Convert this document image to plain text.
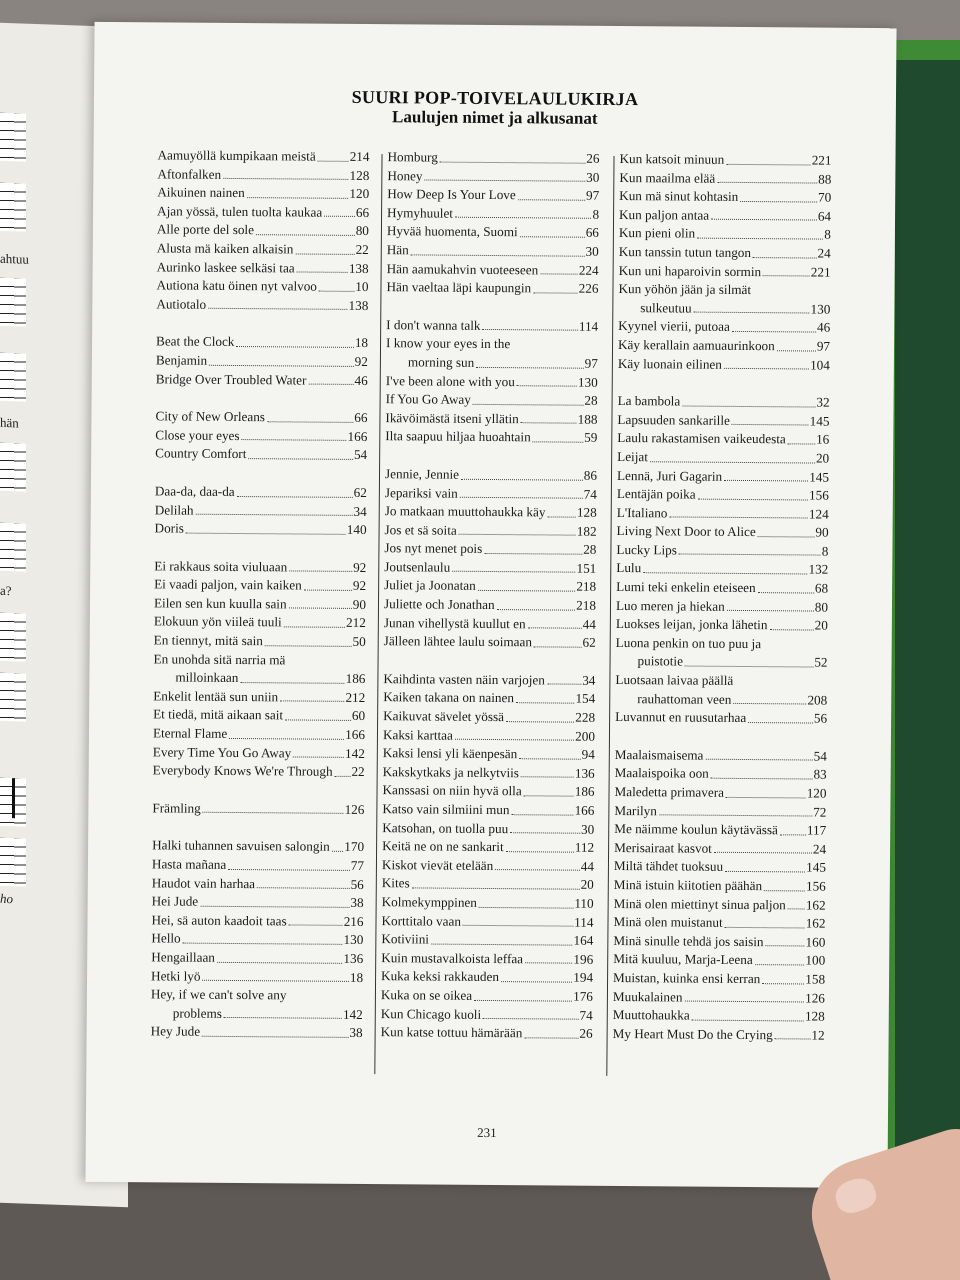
ahtuu
hän
a?
ho
SUURI POP-TOIVELAULUKIRJA
Laulujen nimet ja alkusanat
Aamuyöllä kumpikaan meistä	214
Aftonfalken	128
Aikuinen nainen	120
Ajan yössä, tulen tuolta kaukaa	66
Alle porte del sole	80
Alusta mä kaiken alkaisin	22
Aurinko laskee selkäsi taa	138
Autiona katu öinen nyt valvoo	10
Autiotalo	138
Beat the Clock	18
Benjamin	92
Bridge Over Troubled Water	46
City of New Orleans	66
Close your eyes	166
Country Comfort	54
Daa-da, daa-da	62
Delilah	34
Doris	140
Ei rakkaus soita viuluaan	92
Ei vaadi paljon, vain kaiken	92
Eilen sen kun kuulla sain	90
Elokuun yön viileä tuuli	212
En tiennyt, mitä sain	50
En unohda sitä narria mä
milloinkaan	186
Enkelit lentää sun uniin	212
Et tiedä, mitä aikaan sait	60
Eternal Flame	166
Every Time You Go Away	142
Everybody Knows We're Through 22
Främling	126
Halki tuhannen savuisen salongin 170
Hasta mañana	77
Haudot vain harhaa	56
Hei Jude	38
Hei, sä auton kaadoit taas	216
Hello	130
Hengaillaan	136
Hetki lyö	18
Hey, if we can't solve any
problems	142
Hey Jude	38
Homburg	26
Honey	30
How Deep Is Your Love	97
Hymyhuulet	8
Hyvää huomenta, Suomi	66
Hän	30
Hän aamukahvin vuoteeseen	224
Hän vaeltaa läpi kaupungin	226
I don't wanna talk	114
I know your eyes in the
morning sun	97
I've been alone with you	130
If You Go Away	28
Ikävöimästä itseni yllätin	188
Ilta saapuu hiljaa huoahtain	59
Jennie, Jennie	86
Jepariksi vain	74
Jo matkaan muuttohaukka käy 128
Jos et sä soita	182
Jos nyt menet pois	28
Joutsenlaulu	151
Juliet ja Joonatan	218
Juliette och Jonathan	218
Junan vihellystä kuullut en	44
Jälleen lähtee laulu soimaan	62
Kaihdinta vasten näin varjojen	34
Kaiken takana on nainen	154
Kaikuvat sävelet yössä	228
Kaksi karttaa	200
Kaksi lensi yli käenpesän	94
Kakskytkaks ja nelkytviis	136
Kanssasi on niin hyvä olla	186
Katso vain silmiini mun	166
Katsohan, on tuolla puu	30
Keitä ne on ne sankarit	112
Kiskot vievät etelään	44
Kites	20
Kolmekymppinen	110
Korttitalo vaan	114
Kotiviini	164
Kuin mustavalkoista leffaa	196
Kuka keksi rakkauden	194
Kuka on se oikea	176
Kun Chicago kuoli	74
Kun katse tottuu hämärään	26
Kun katsoit minuun	221
Kun maailma elää	88
Kun mä sinut kohtasin	70
Kun paljon antaa	64
Kun pieni olin	8
Kun tanssin tutun tangon	24
Kun uni haparoivin sormin	221
Kun yöhön jään ja silmät
sulkeutuu	130
Kyynel vierii, putoaa	46
Käy kerallain aamuaurinkoon	97
Käy luonain eilinen	104
La bambola	32
Lapsuuden sankarille	145
Laulu rakastamisen vaikeudesta 16
Leijat	20
Lennä, Juri Gagarin	145
Lentäjän poika	156
L'Italiano	124
Living Next Door to Alice	90
Lucky Lips	8
Lulu	132
Lumi teki enkelin eteiseen	68
Luo meren ja hiekan	80
Luokses leijan, jonka lähetin	20
Luona penkin on tuo puu ja
puistotie	52
Luotsaan laivaa päällä
rauhattoman veen	208
Luvannut en ruusutarhaa	56
Maalaismaisema	54
Maalaispoika oon	83
Maledetta primavera	120
Marilyn	72
Me näimme koulun käytävässä 117
Merisairaat kasvot	24
Miltä tähdet tuoksuu	145
Minä istuin kiitotien päähän	156
Minä olen miettinyt sinua paljon 162
Minä olen muistanut	162
Minä sinulle tehdä jos saisin	160
Mitä kuuluu, Marja-Leena	100
Muistan, kuinka ensi kerran	158
Muukalainen	126
Muuttohaukka	128
My Heart Must Do the Crying	12
231
